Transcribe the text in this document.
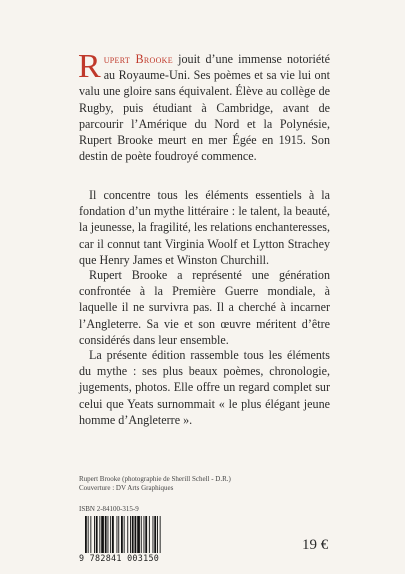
Rupert Brooke jouit d’une immense notoriété au Royaume-Uni. Ses poèmes et sa vie lui ont valu une gloire sans équivalent. Élève au collège de Rugby, puis étudiant à Cambridge, avant de parcourir l’Amérique du Nord et la Polynésie, Rupert Brooke meurt en mer Égée en 1915. Son destin de poète foudroyé commence.
Il concentre tous les éléments essentiels à la fondation d’un mythe littéraire : le talent, la beauté, la jeunesse, la fragilité, les relations enchanteresses, car il connut tant Virginia Woolf et Lytton Strachey que Henry James et Winston Churchill.
Rupert Brooke a représenté une génération confrontée à la Première Guerre mondiale, à laquelle il ne survivra pas. Il a cherché à incarner l’Angleterre. Sa vie et son œuvre méritent d’être considérés dans leur ensemble.
La présente édition rassemble tous les éléments du mythe : ses plus beaux poèmes, chronologie, jugements, photos. Elle offre un regard complet sur celui que Yeats surnommait « le plus élégant jeune homme d’Angleterre ».
Rupert Brooke (photographie de Sherill Schell - D.R.)
Couverture : DV Arts Graphiques
ISBN 2-84100-315-9
9 782841 003150
19 €
